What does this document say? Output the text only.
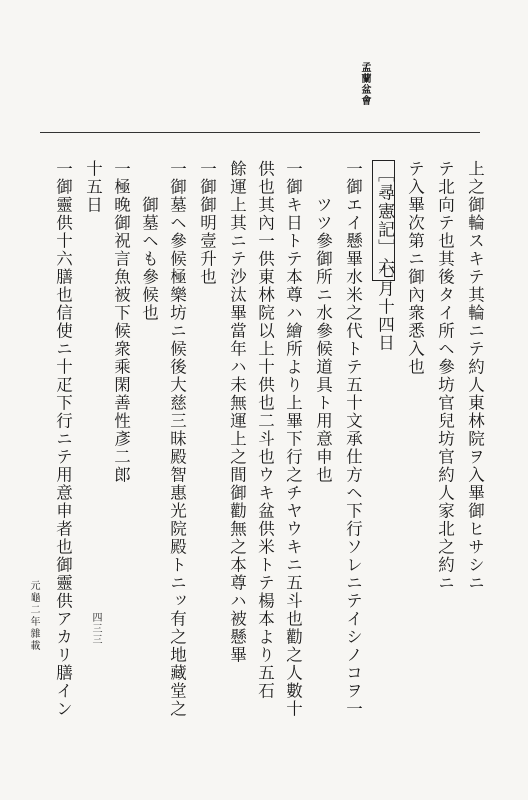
孟蘭盆會
上之御輪スキテ其輪ニテ約人東林院ヲ入畢御ヒサシニ
テ北向テ也其後タイ所ヘ參坊官兒坊官約人家北之約ニ
テ入畢次第ニ御內衆悉入也
［尋憲記］六
七月十四日
一御エイ懸畢水米之代トテ五十文承仕方ヘ下行ソレニテイシノコヲ一
ツツ參御所ニ水參候道具ト用意申也
一御キ日トテ本尊ハ繪所より上畢下行之チヤウキニ五斗也勸之人數十
供也其內一供東林院以上十供也二斗也ウキ盆供米トテ楊本より五石
餘運上其ニテ沙汰畢當年ハ未無運上之間御勸無之本尊ハ被懸畢
一御御明壹升也
一御墓ヘ參候極樂坊ニ候後大慈三昧殿智惠光院殿トニッ有之地藏堂之
御墓ヘも參候也
一極晚御祝言魚被下候衆乘閑善性彥二郎
十五日
一御靈供十六膳也信使ニ十疋下行ニテ用意申者也御靈供アカリ膳イン
元龜二年雜載	四三三
